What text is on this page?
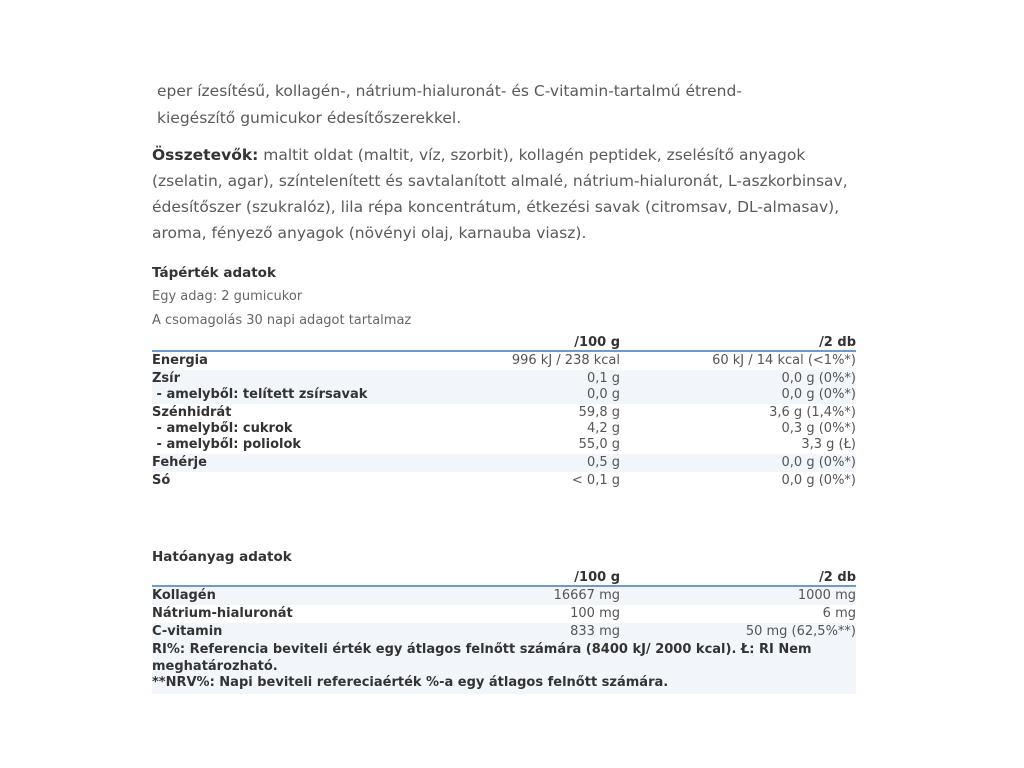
eper ízesítésű, kollagén-, nátrium-hialuronát- és C-vitamin-tartalmú étrend-kiegészítő gumicukor édesítőszerekkel.
Összetevők: maltit oldat (maltit, víz, szorbit), kollagén peptidek, zselésítő anyagok (zselatin, agar), színtelenített és savtalanított almalé, nátrium-hialuronát, L-aszkorbinsav, édesítőszer (szukralóz), lila répa koncentrátum, étkezési savak (citromsav, DL-almasav), aroma, fényező anyagok (növényi olaj, karnauba viasz).
Tápérték adatok
Egy adag: 2 gumicukor
A csomagolás 30 napi adagot tartalmaz
/100 g	/2 db
Energia	996 kJ / 238 kcal	60 kJ / 14 kcal (<1%*)
Zsír	0,1 g	0,0 g (0%*)
- amelyből: telített zsírsavak	0,0 g	0,0 g (0%*)
Szénhidrát	59,8 g	3,6 g (1,4%*)
- amelyből: cukrok	4,2 g	0,3 g (0%*)
- amelyből: poliolok	55,0 g	3,3 g (Ł)
Fehérje	0,5 g	0,0 g (0%*)
Só	< 0,1 g	0,0 g (0%*)
Hatóanyag adatok
/100 g	/2 db
Kollagén	16667 mg	1000 mg
Nátrium-hialuronát	100 mg	6 mg
C-vitamin	833 mg	50 mg (62,5%**)
RI%: Referencia beviteli érték egy átlagos felnőtt számára (8400 kJ/ 2000 kcal). Ł: RI Nem meghatározható.
**NRV%: Napi beviteli refereciaérték %-a egy átlagos felnőtt számára.
